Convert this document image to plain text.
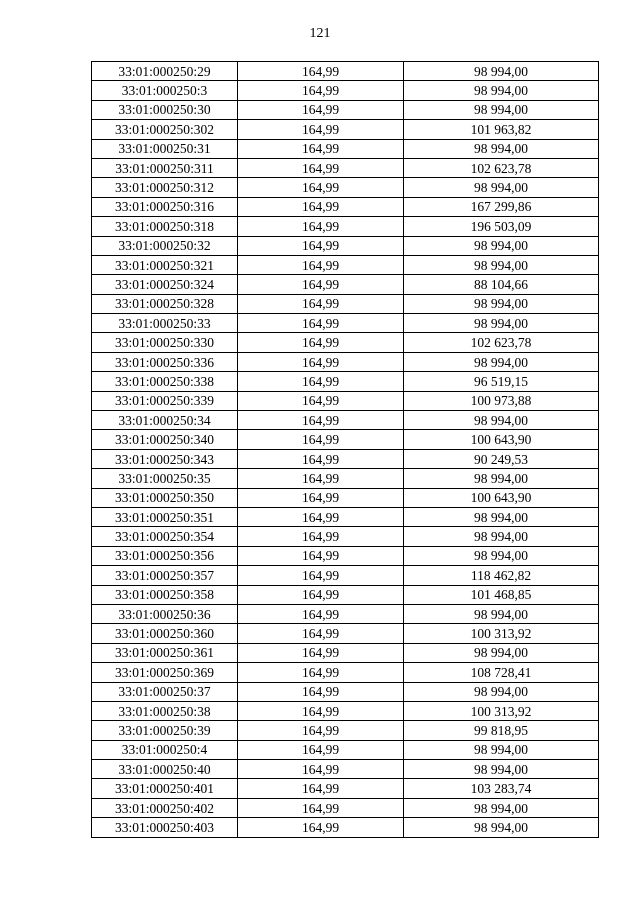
121
33:01:000250:29	164,99	98 994,00
33:01:000250:3	164,99	98 994,00
33:01:000250:30	164,99	98 994,00
33:01:000250:302	164,99	101 963,82
33:01:000250:31	164,99	98 994,00
33:01:000250:311	164,99	102 623,78
33:01:000250:312	164,99	98 994,00
33:01:000250:316	164,99	167 299,86
33:01:000250:318	164,99	196 503,09
33:01:000250:32	164,99	98 994,00
33:01:000250:321	164,99	98 994,00
33:01:000250:324	164,99	88 104,66
33:01:000250:328	164,99	98 994,00
33:01:000250:33	164,99	98 994,00
33:01:000250:330	164,99	102 623,78
33:01:000250:336	164,99	98 994,00
33:01:000250:338	164,99	96 519,15
33:01:000250:339	164,99	100 973,88
33:01:000250:34	164,99	98 994,00
33:01:000250:340	164,99	100 643,90
33:01:000250:343	164,99	90 249,53
33:01:000250:35	164,99	98 994,00
33:01:000250:350	164,99	100 643,90
33:01:000250:351	164,99	98 994,00
33:01:000250:354	164,99	98 994,00
33:01:000250:356	164,99	98 994,00
33:01:000250:357	164,99	118 462,82
33:01:000250:358	164,99	101 468,85
33:01:000250:36	164,99	98 994,00
33:01:000250:360	164,99	100 313,92
33:01:000250:361	164,99	98 994,00
33:01:000250:369	164,99	108 728,41
33:01:000250:37	164,99	98 994,00
33:01:000250:38	164,99	100 313,92
33:01:000250:39	164,99	99 818,95
33:01:000250:4	164,99	98 994,00
33:01:000250:40	164,99	98 994,00
33:01:000250:401	164,99	103 283,74
33:01:000250:402	164,99	98 994,00
33:01:000250:403	164,99	98 994,00
